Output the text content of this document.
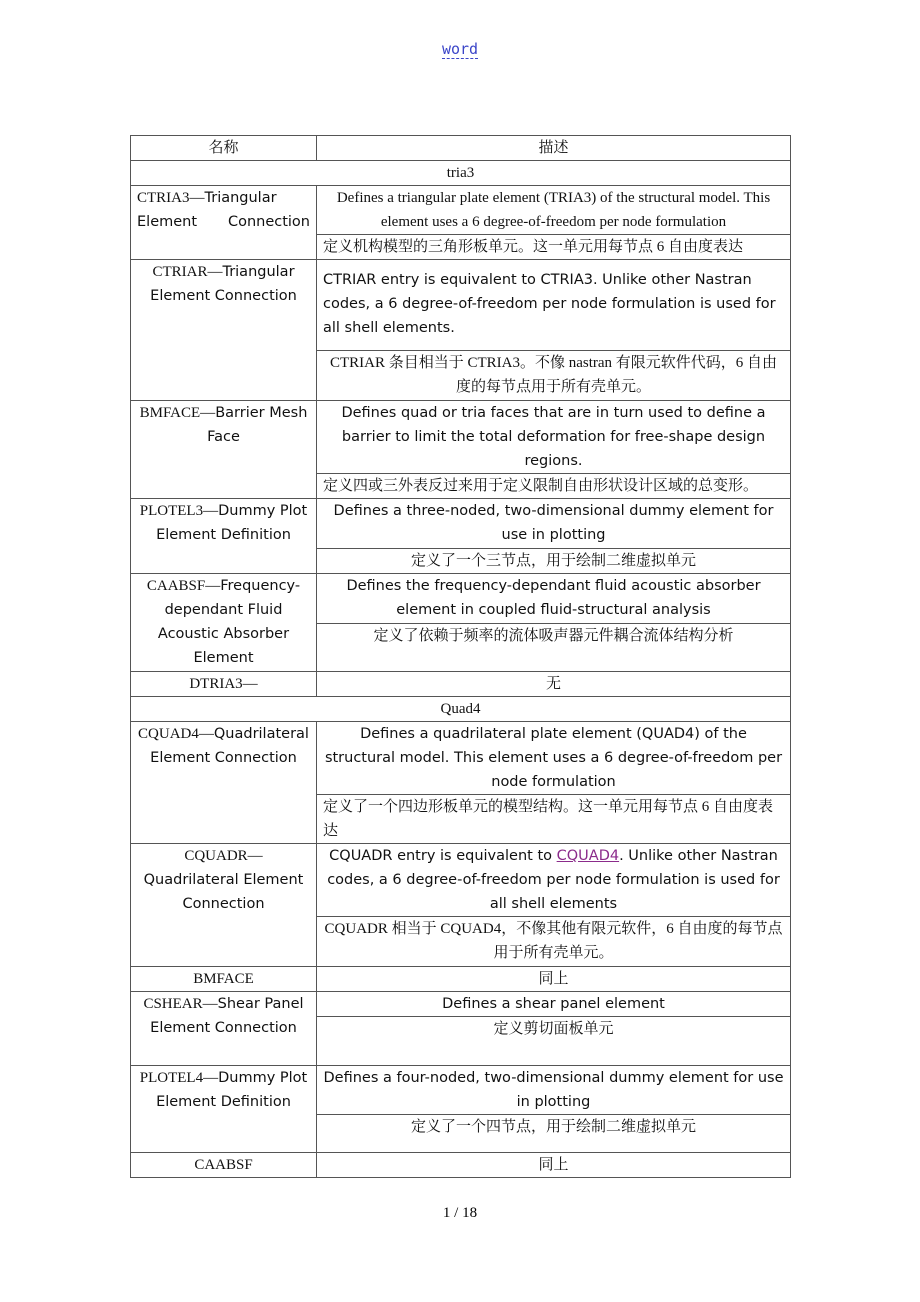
word
名称	描述
tria3	
CTRIA3—Triangular Element Connection	Defines a triangular plate element (TRIA3) of the structural model. This element uses a 6 degree-of-freedom per node formulation
	定义机构模型的三角形板单元。这一单元用每节点 6 自由度表达
CTRIAR—Triangular Element Connection	CTRIAR entry is equivalent to CTRIA3. Unlike other Nastran codes, a 6 degree-of-freedom per node formulation is used for all shell elements.
	CTRIAR 条目相当于 CTRIA3。不像 nastran 有限元软件代码，6 自由度的每节点用于所有壳单元。
BMFACE—Barrier Mesh Face	Defines quad or tria faces that are in turn used to define a barrier to limit the total deformation for free-shape design regions.
	定义四或三外表反过来用于定义限制自由形状设计区域的总变形。
PLOTEL3—Dummy Plot Element Definition	Defines a three-noded, two-dimensional dummy element for use in plotting
	定义了一个三节点，用于绘制二维虚拟单元
CAABSF—Frequency-dependant Fluid Acoustic Absorber Element	Defines the frequency-dependant fluid acoustic absorber element in coupled fluid-structural analysis
	定义了依赖于频率的流体吸声器元件耦合流体结构分析
DTRIA3—	无
Quad4	
CQUAD4—Quadrilateral Element Connection	Defines a quadrilateral plate element (QUAD4) of the structural model. This element uses a 6 degree-of-freedom per node formulation
	定义了一个四边形板单元的模型结构。这一单元用每节点 6 自由度表达
CQUADR—Quadrilateral Element Connection	CQUADR entry is equivalent to CQUAD4. Unlike other Nastran codes, a 6 degree-of-freedom per node formulation is used for all shell elements
	CQUADR 相当于 CQUAD4，不像其他有限元软件，6 自由度的每节点用于所有壳单元。
BMFACE	同上
CSHEAR—Shear Panel Element Connection	Defines a shear panel element
	定义剪切面板单元
PLOTEL4—Dummy Plot Element Definition	Defines a four-noded, two-dimensional dummy element for use in plotting
	定义了一个四节点，用于绘制二维虚拟单元
CAABSF	同上
1 / 18
